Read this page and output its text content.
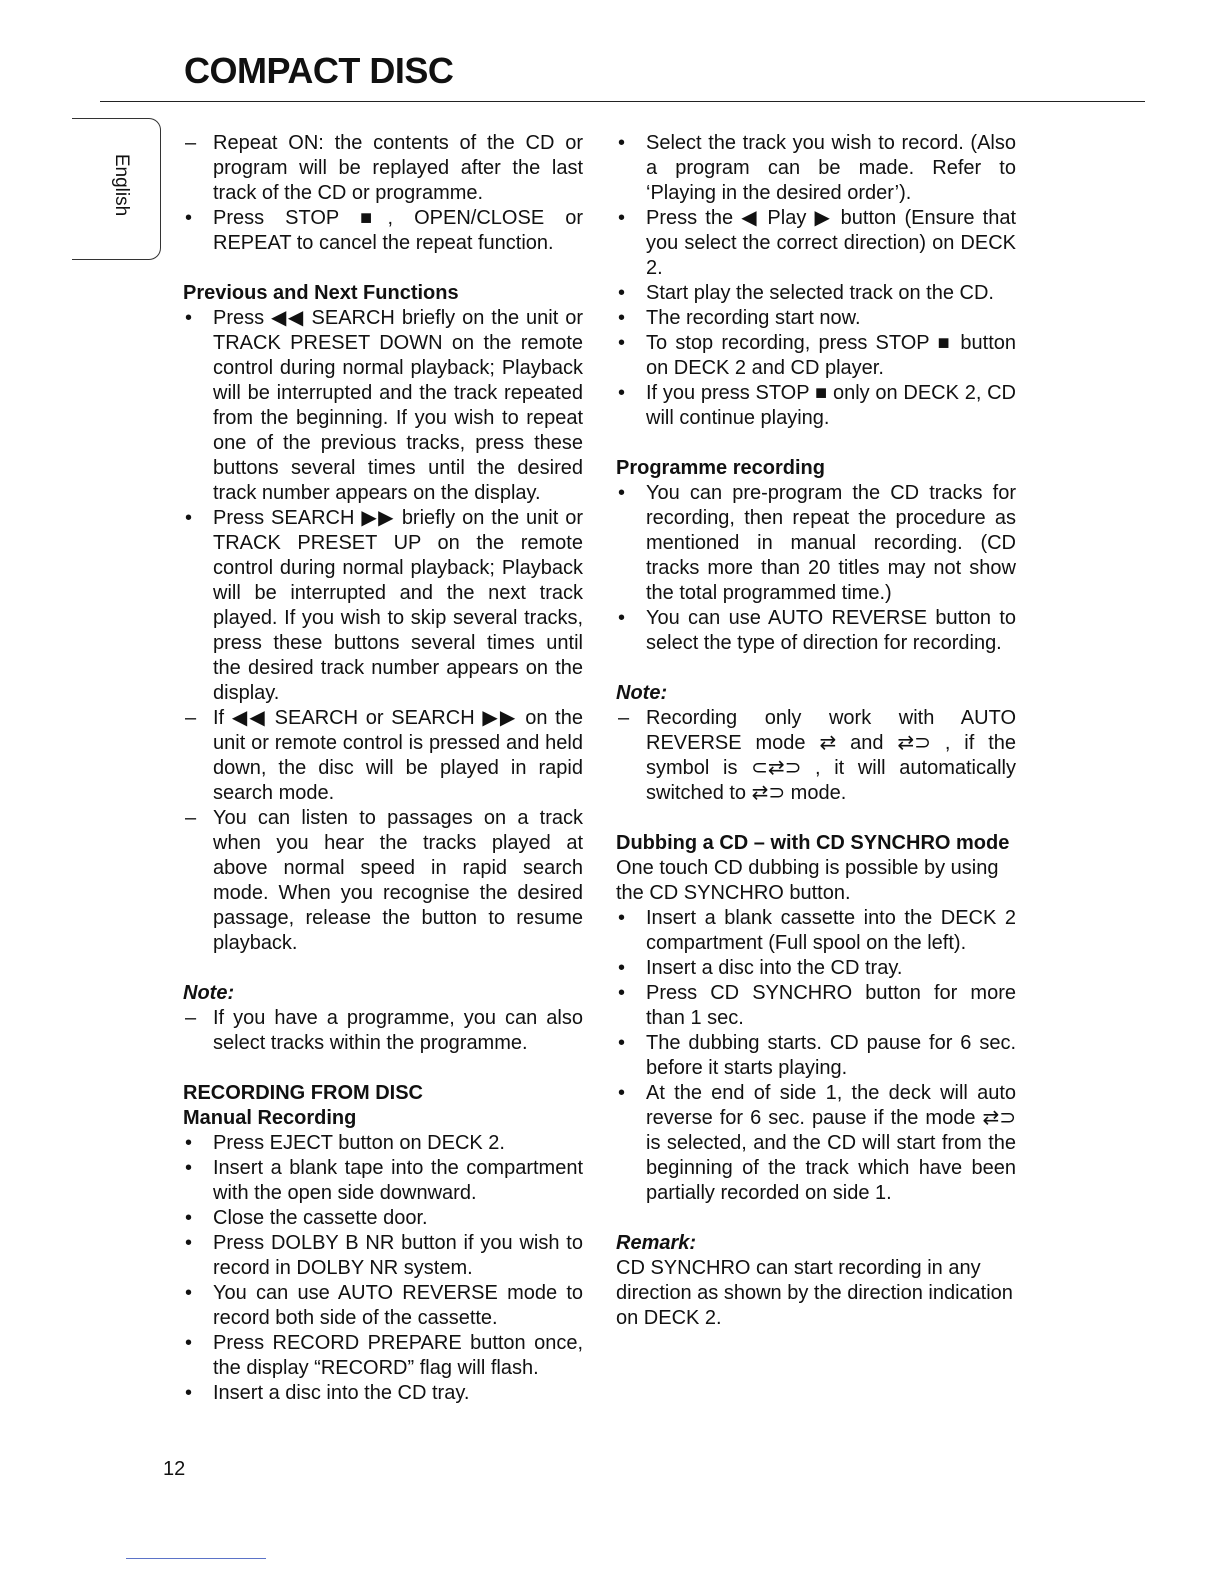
COMPACT DISC
English

– Repeat ON: the contents of the CD or program will be replayed after the last track of the CD or programme.

• Press STOP ■, OPEN/CLOSE or REPEAT to cancel the repeat function.

Previous and Next Functions

• Press ◀◀ SEARCH briefly on the unit or TRACK PRESET DOWN on the remote control during normal playback; Playback will be interrupted and the track repeated from the beginning. If you wish to repeat one of the previous tracks, press these buttons several times until the desired track number appears on the display.

• Press SEARCH ▶▶ briefly on the unit or TRACK PRESET UP on the remote control during normal playback; Playback will be interrupted and the next track played. If you wish to skip several tracks, press these buttons several times until the desired track number appears on the display.

– If ◀◀ SEARCH or SEARCH ▶▶ on the unit or remote control is pressed and held down, the disc will be played in rapid search mode.

– You can listen to passages on a track when you hear the tracks played at above normal speed in rapid search mode. When you recognise the desired passage, release the button to resume playback.

Note:

– If you have a programme, you can also select tracks within the programme.

RECORDING FROM DISC

Manual Recording

• Press EJECT button on DECK 2.

• Insert a blank tape into the compartment with the open side downward.

• Close the cassette door.

• Press DOLBY B NR button if you wish to record in DOLBY NR system.

• You can use AUTO REVERSE mode to record both side of the cassette.

• Press RECORD PREPARE button once, the display “RECORD” flag will flash.

• Insert a disc into the CD tray.

• Select the track you wish to record. (Also a program can be made. Refer to ‘Playing in the desired order’).

• Press the ◀ Play ▶ button (Ensure that you select the correct direction) on DECK 2.

• Start play the selected track on the CD.

• The recording start now.

• To stop recording, press STOP ■ button on DECK 2 and CD player.

• If you press STOP ■ only on DECK 2, CD will continue playing.

Programme recording

• You can pre-program the CD tracks for recording, then repeat the procedure as mentioned in manual recording. (CD tracks more than 20 titles may not show the total programmed time.)

• You can use AUTO REVERSE button to select the type of direction for recording.

Note:

– Recording only work with AUTO REVERSE mode ⇄ and ⇄⊃ , if the symbol is ⊂⇄⊃ , it will automatically switched to ⇄⊃ mode.

Dubbing a CD – with CD SYNCHRO mode

One touch CD dubbing is possible by using the CD SYNCHRO button.

• Insert a blank cassette into the DECK 2 compartment (Full spool on the left).

• Insert a disc into the CD tray.

• Press CD SYNCHRO button for more than 1 sec.

• The dubbing starts. CD pause for 6 sec. before it starts playing.

• At the end of side 1, the deck will auto reverse for 6 sec. pause if the mode ⇄⊃ is selected, and the CD will start from the beginning of the track which have been partially recorded on side 1.

Remark:

CD SYNCHRO can start recording in any direction as shown by the direction indication on DECK 2.

12
